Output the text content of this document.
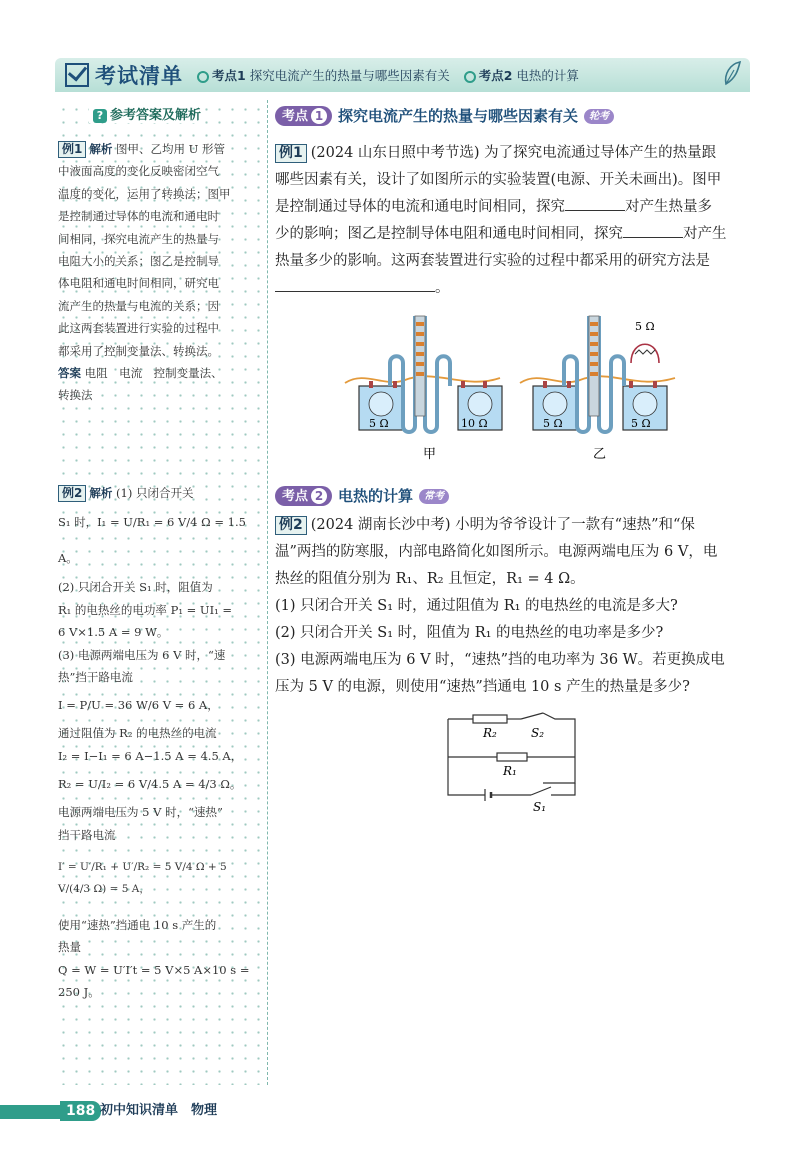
考试清单	考点1 探究电流产生的热量与哪些因素有关	考点2 电热的计算
? 参考答案及解析
例1 解析 图甲、乙均用 U 形管
中液面高度的变化反映密闭空气
温度的变化，运用了转换法；图甲
是控制通过导体的电流和通电时
间相同，探究电流产生的热量与
电阻大小的关系；图乙是控制导
体电阻和通电时间相同，研究电
流产生的热量与电流的关系；因
此这两套装置进行实验的过程中
都采用了控制变量法、转换法。
答案 电阻　电流　控制变量法、
转换法
例2 解析 (1) 只闭合开关
S₁ 时，I₁ = U/R₁ = 6 V/4 Ω = 1.5 A。
(2) 只闭合开关 S₁ 时，阻值为
R₁ 的电热丝的电功率 P₁ = UI₁ =
6 V×1.5 A = 9 W。
(3) 电源两端电压为 6 V 时，“速
热”挡干路电流
I = P/U = 36 W/6 V = 6 A，
通过阻值为 R₂ 的电热丝的电流
I₂ = I−I₁ = 6 A−1.5 A = 4.5 A，
R₂ = U/I₂ = 6 V/4.5 A = 4/3 Ω。
电源两端电压为 5 V 时，“速热”
挡干路电流
I′ = U′/R₁ + U′/R₂ = 5 V/4 Ω + 5 V/(4/3 Ω) = 5 A，
使用“速热”挡通电 10 s 产生的
热量
Q = W = U′I′t = 5 V×5 A×10 s =
250 J。
考点 1 探究电流产生的热量与哪些因素有关	轮考

例1 (2024 山东日照中考节选) 为了探究电流通过导体产生的热量跟

哪些因素有关，设计了如图所示的实验装置(电源、开关未画出)。图甲

是控制通过导体的电流和通电时间相同，探究	对产生热量多

少的影响；图乙是控制导体电阻和通电时间相同，探究	对产生

热量多少的影响。这两套装置进行实验的过程中都采用的研究方法是

。

5 Ω	10 Ω
甲
5 Ω
5 Ω	5 Ω
乙
考点 2 电热的计算	常考

例2 (2024 湖南长沙中考) 小明为爷爷设计了一款有“速热”和“保

温”两挡的防寒服，内部电路简化如图所示。电源两端电压为 6 V，电

热丝的阻值分别为 R₁、R₂ 且恒定，R₁ = 4 Ω。

(1) 只闭合开关 S₁ 时，通过阻值为 R₁ 的电热丝的电流是多大?

(2) 只闭合开关 S₁ 时，阻值为 R₁ 的电热丝的电功率是多少?

(3) 电源两端电压为 6 V 时，“速热”挡的电功率为 36 W。若更换成电

压为 5 V 的电源，则使用“速热”挡通电 10 s 产生的热量是多少?

R₂	S₂
R₁
S₁
188 初中知识清单　物理
